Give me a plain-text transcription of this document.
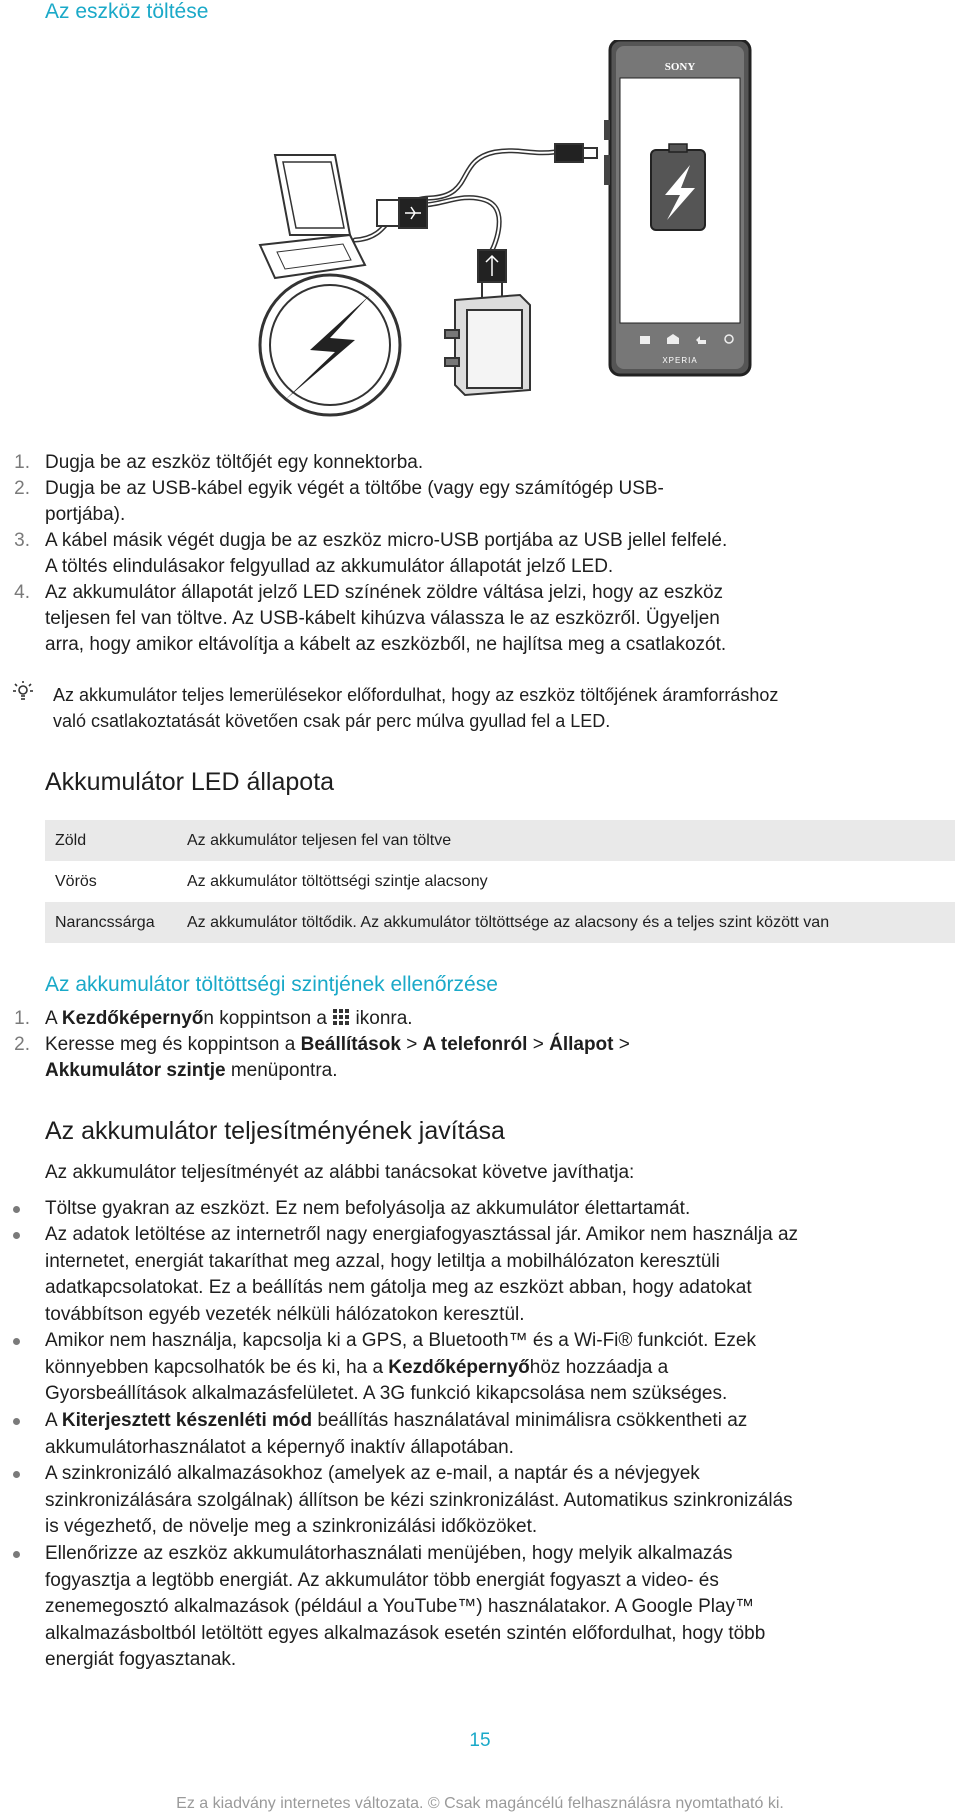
Az eszköz töltése
SONY
XPERIA
1. Dugja be az eszköz töltőjét egy konnektorba.
2. Dugja be az USB-kábel egyik végét a töltőbe (vagy egy számítógép USB-
portjába).
3. A kábel másik végét dugja be az eszköz micro-USB portjába az USB jellel felfelé.
A töltés elindulásakor felgyullad az akkumulátor állapotát jelző LED.
4. Az akkumulátor állapotát jelző LED színének zöldre váltása jelzi, hogy az eszköz
teljesen fel van töltve. Az USB-kábelt kihúzva válassza le az eszközről. Ügyeljen
arra, hogy amikor eltávolítja a kábelt az eszközből, ne hajlítsa meg a csatlakozót.
Az akkumulátor teljes lemerülésekor előfordulhat, hogy az eszköz töltőjének áramforráshoz
való csatlakoztatását követően csak pár perc múlva gyullad fel a LED.
Akkumulátor LED állapota
Zöld	Az akkumulátor teljesen fel van töltve
Vörös	Az akkumulátor töltöttségi szintje alacsony
Narancssárga	Az akkumulátor töltődik. Az akkumulátor töltöttsége az alacsony és a teljes szint között van
Az akkumulátor töltöttségi szintjének ellenőrzése
1. A Kezdőképernyőn koppintson a  ikonra.
2. Keresse meg és koppintson a Beállítások > A telefonról > Állapot >
Akkumulátor szintje menüpontra.
Az akkumulátor teljesítményének javítása
Az akkumulátor teljesítményét az alábbi tanácsokat követve javíthatja:
Töltse gyakran az eszközt. Ez nem befolyásolja az akkumulátor élettartamát.
Az adatok letöltése az internetről nagy energiafogyasztással jár. Amikor nem használja az
internetet, energiát takaríthat meg azzal, hogy letiltja a mobilhálózaton keresztüli
adatkapcsolatokat. Ez a beállítás nem gátolja meg az eszközt abban, hogy adatokat
továbbítson egyéb vezeték nélküli hálózatokon keresztül.
Amikor nem használja, kapcsolja ki a GPS, a Bluetooth™ és a Wi-Fi® funkciót. Ezek
könnyebben kapcsolhatók be és ki, ha a Kezdőképernyőhöz hozzáadja a
Gyorsbeállítások alkalmazásfelületet. A 3G funkció kikapcsolása nem szükséges.
A Kiterjesztett készenléti mód beállítás használatával minimálisra csökkentheti az
akkumulátorhasználatot a képernyő inaktív állapotában.
A szinkronizáló alkalmazásokhoz (amelyek az e-mail, a naptár és a névjegyek
szinkronizálására szolgálnak) állítson be kézi szinkronizálást. Automatikus szinkronizálás
is végezhető, de növelje meg a szinkronizálási időközöket.
Ellenőrizze az eszköz akkumulátorhasználati menüjében, hogy melyik alkalmazás
fogyasztja a legtöbb energiát. Az akkumulátor több energiát fogyaszt a video- és
zenemegosztó alkalmazások (például a YouTube™) használatakor. A Google Play™
alkalmazásboltból letöltött egyes alkalmazások esetén szintén előfordulhat, hogy több
energiát fogyasztanak.
15
Ez a kiadvány internetes változata. © Csak magáncélú felhasználásra nyomtatható ki.
